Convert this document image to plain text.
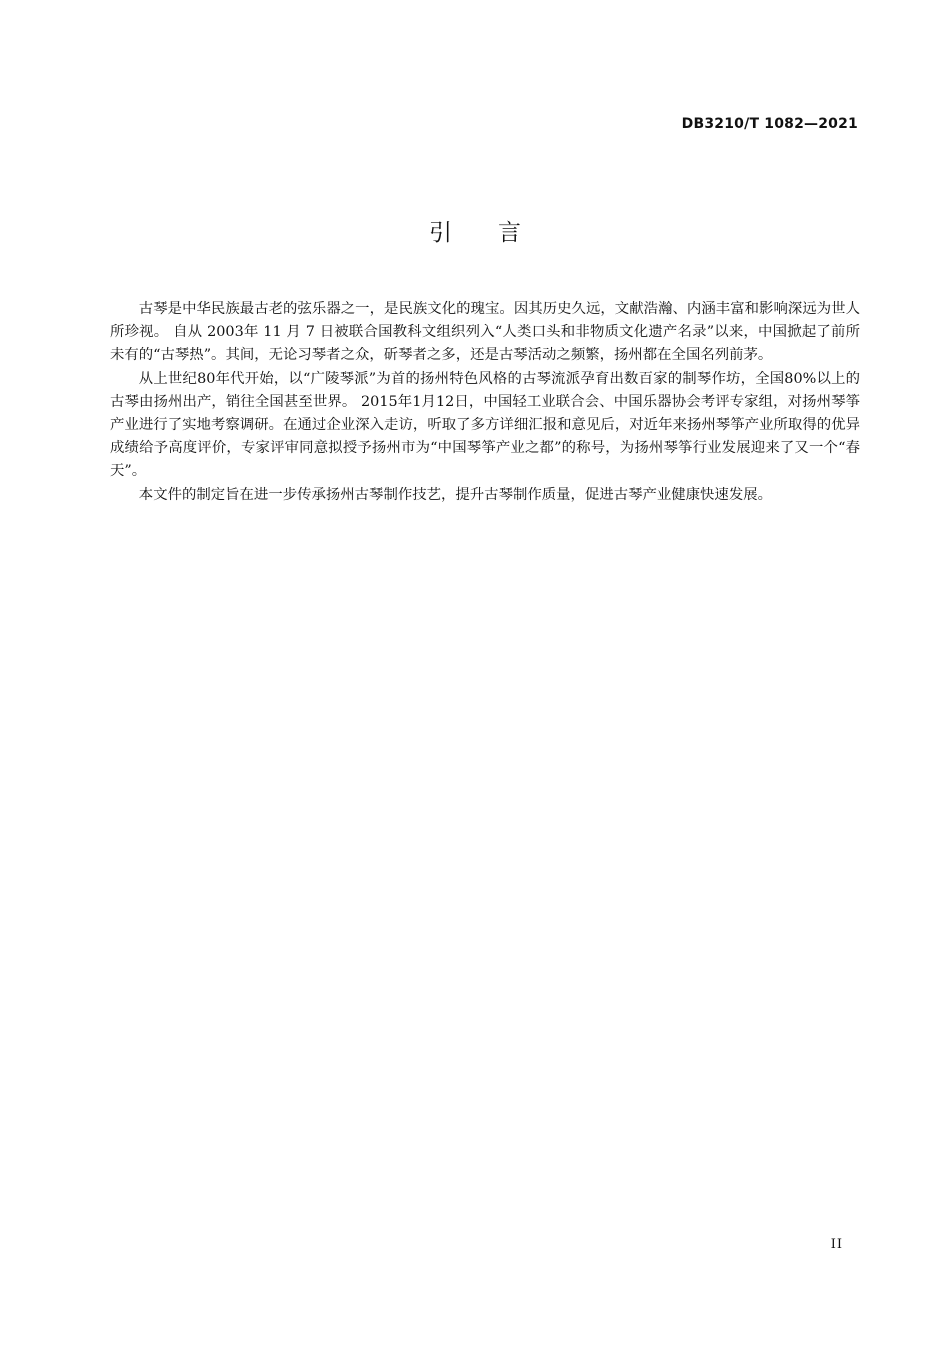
DB3210/T 1082—2021
引言

古琴是中华民族最古老的弦乐器之一，是民族文化的瑰宝。因其历史久远，文献浩瀚、内涵丰富和影响深远为世人所珍视。 自从 2003年 11 月 7 日被联合国教科文组织列入“人类口头和非物质文化遗产名录”以来，中国掀起了前所未有的“古琴热”。其间，无论习琴者之众，斫琴者之多，还是古琴活动之频繁，扬州都在全国名列前茅。

从上世纪80年代开始，以“广陵琴派”为首的扬州特色风格的古琴流派孕育出数百家的制琴作坊，全国80%以上的古琴由扬州出产，销往全国甚至世界。 2015年1月12日，中国轻工业联合会、中国乐器协会考评专家组，对扬州琴筝产业进行了实地考察调研。在通过企业深入走访，听取了多方详细汇报和意见后，对近年来扬州琴筝产业所取得的优异成绩给予高度评价，专家评审同意拟授予扬州市为“中国琴筝产业之都”的称号，为扬州琴筝行业发展迎来了又一个“春天”。

本文件的制定旨在进一步传承扬州古琴制作技艺，提升古琴制作质量，促进古琴产业健康快速发展。

II
